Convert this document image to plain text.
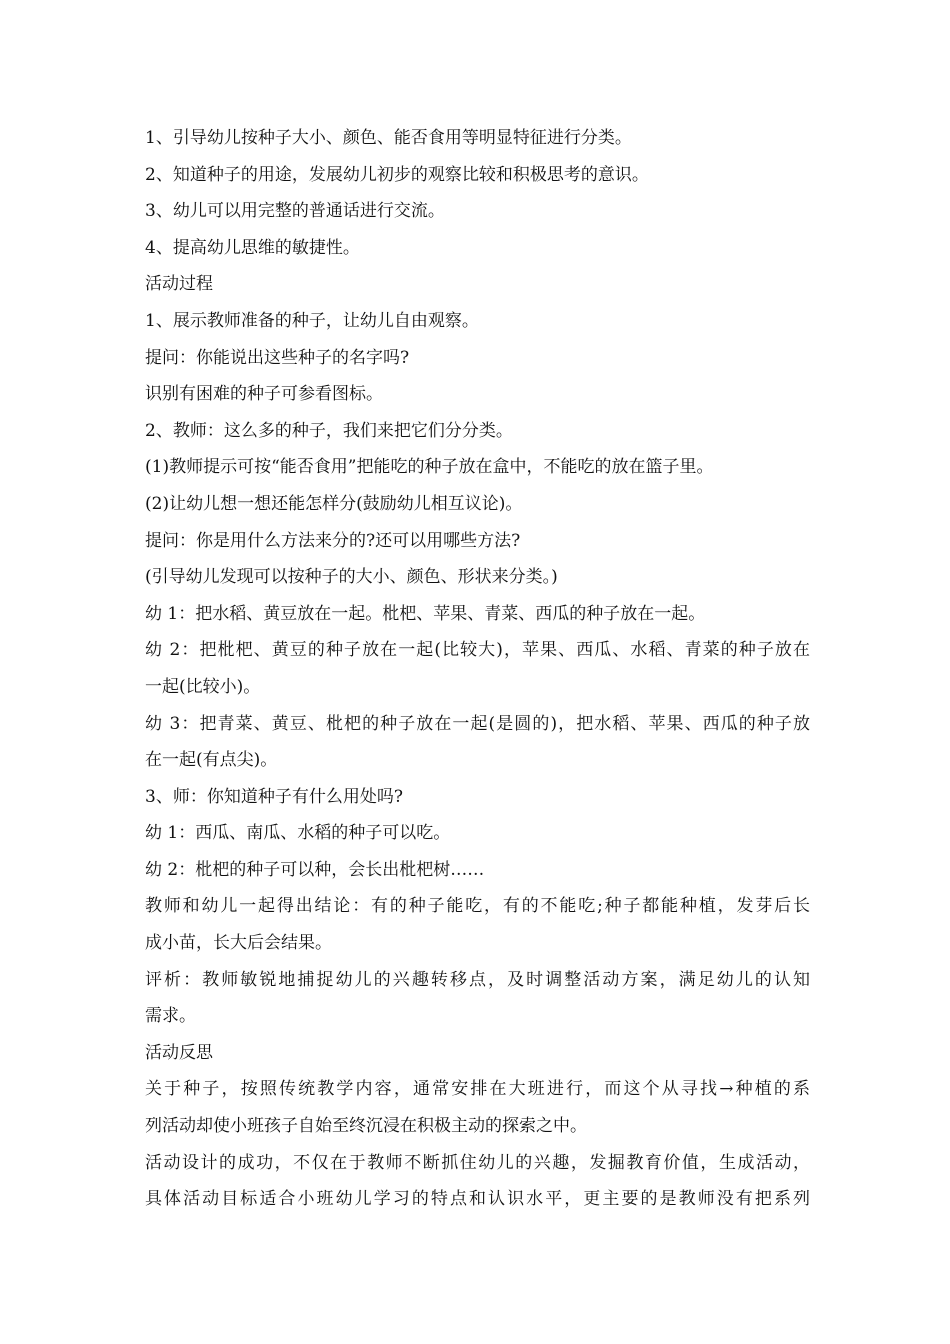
1、引导幼儿按种子大小、颜色、能否食用等明显特征进行分类。
2、知道种子的用途，发展幼儿初步的观察比较和积极思考的意识。
3、幼儿可以用完整的普通话进行交流。
4、提高幼儿思维的敏捷性。
活动过程
1、展示教师准备的种子，让幼儿自由观察。
提问：你能说出这些种子的名字吗?
识别有困难的种子可参看图标。
2、教师：这么多的种子，我们来把它们分分类。
(1)教师提示可按“能否食用”把能吃的种子放在盒中，不能吃的放在篮子里。
(2)让幼儿想一想还能怎样分(鼓励幼儿相互议论)。
提问：你是用什么方法来分的?还可以用哪些方法?
(引导幼儿发现可以按种子的大小、颜色、形状来分类。)
幼 1：把水稻、黄豆放在一起。枇杷、苹果、青菜、西瓜的种子放在一起。
幼 2：把枇杷、黄豆的种子放在一起(比较大)，苹果、西瓜、水稻、青菜的种子放在
一起(比较小)。
幼 3：把青菜、黄豆、枇杷的种子放在一起(是圆的)，把水稻、苹果、西瓜的种子放
在一起(有点尖)。
3、师：你知道种子有什么用处吗?
幼 1：西瓜、南瓜、水稻的种子可以吃。
幼 2：枇杷的种子可以种，会长出枇杷树……
教师和幼儿一起得出结论：有的种子能吃，有的不能吃;种子都能种植，发芽后长
成小苗，长大后会结果。
评析：教师敏锐地捕捉幼儿的兴趣转移点，及时调整活动方案，满足幼儿的认知
需求。
活动反思
关于种子，按照传统教学内容，通常安排在大班进行，而这个从寻找→种植的系
列活动却使小班孩子自始至终沉浸在积极主动的探索之中。
活动设计的成功，不仅在于教师不断抓住幼儿的兴趣，发掘教育价值，生成活动，
具体活动目标适合小班幼儿学习的特点和认识水平，更主要的是教师没有把系列
